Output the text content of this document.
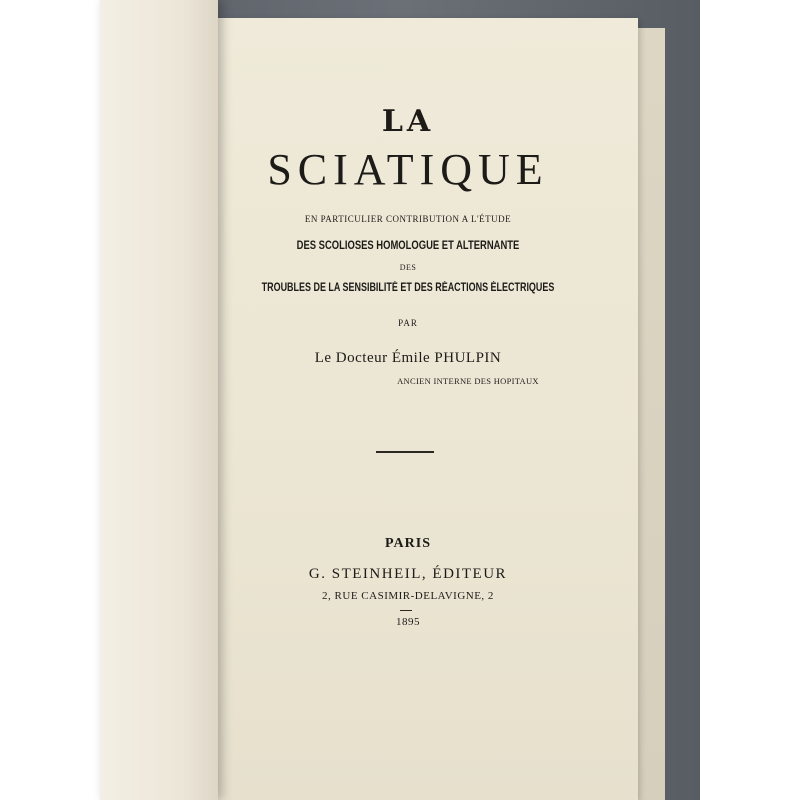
LA
SCIATIQUE
EN PARTICULIER CONTRIBUTION A L'ÉTUDE
DES SCOLIOSES HOMOLOGUE ET ALTERNANTE
DES
TROUBLES DE LA SENSIBILITÉ ET DES RÉACTIONS ÉLECTRIQUES
PAR
Le Docteur Émile PHULPIN
ANCIEN INTERNE DES HOPITAUX
PARIS
G. STEINHEIL, ÉDITEUR
2, RUE CASIMIR-DELAVIGNE, 2
1895
